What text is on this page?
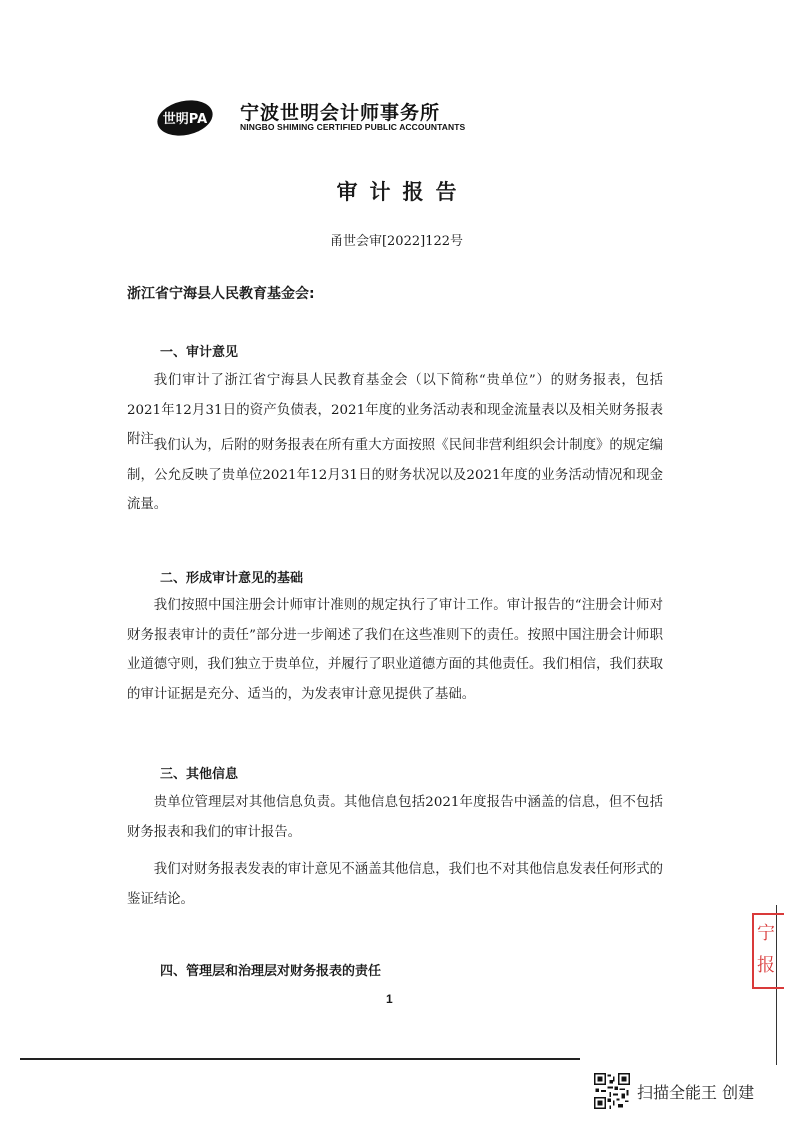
世明PA 宁波世明会计师事务所
NINGBO SHIMING CERTIFIED PUBLIC ACCOUNTANTS
审计报告
甬世会审[2022]122号
浙江省宁海县人民教育基金会:
一、审计意见
我们审计了浙江省宁海县人民教育基金会（以下简称“贵单位”）的财务报表，包括2021年12月31日的资产负债表，2021年度的业务活动表和现金流量表以及相关财务报表附注。
我们认为，后附的财务报表在所有重大方面按照《民间非营利组织会计制度》的规定编制，公允反映了贵单位2021年12月31日的财务状况以及2021年度的业务活动情况和现金流量。
二、形成审计意见的基础
我们按照中国注册会计师审计准则的规定执行了审计工作。审计报告的“注册会计师对财务报表审计的责任”部分进一步阐述了我们在这些准则下的责任。按照中国注册会计师职业道德守则，我们独立于贵单位，并履行了职业道德方面的其他责任。我们相信，我们获取的审计证据是充分、适当的，为发表审计意见提供了基础。
三、其他信息
贵单位管理层对其他信息负责。其他信息包括2021年度报告中涵盖的信息，但不包括财务报表和我们的审计报告。
我们对财务报表发表的审计意见不涵盖其他信息，我们也不对其他信息发表任何形式的鉴证结论。
四、管理层和治理层对财务报表的责任
1
宁
报
扫描全能王 创建
